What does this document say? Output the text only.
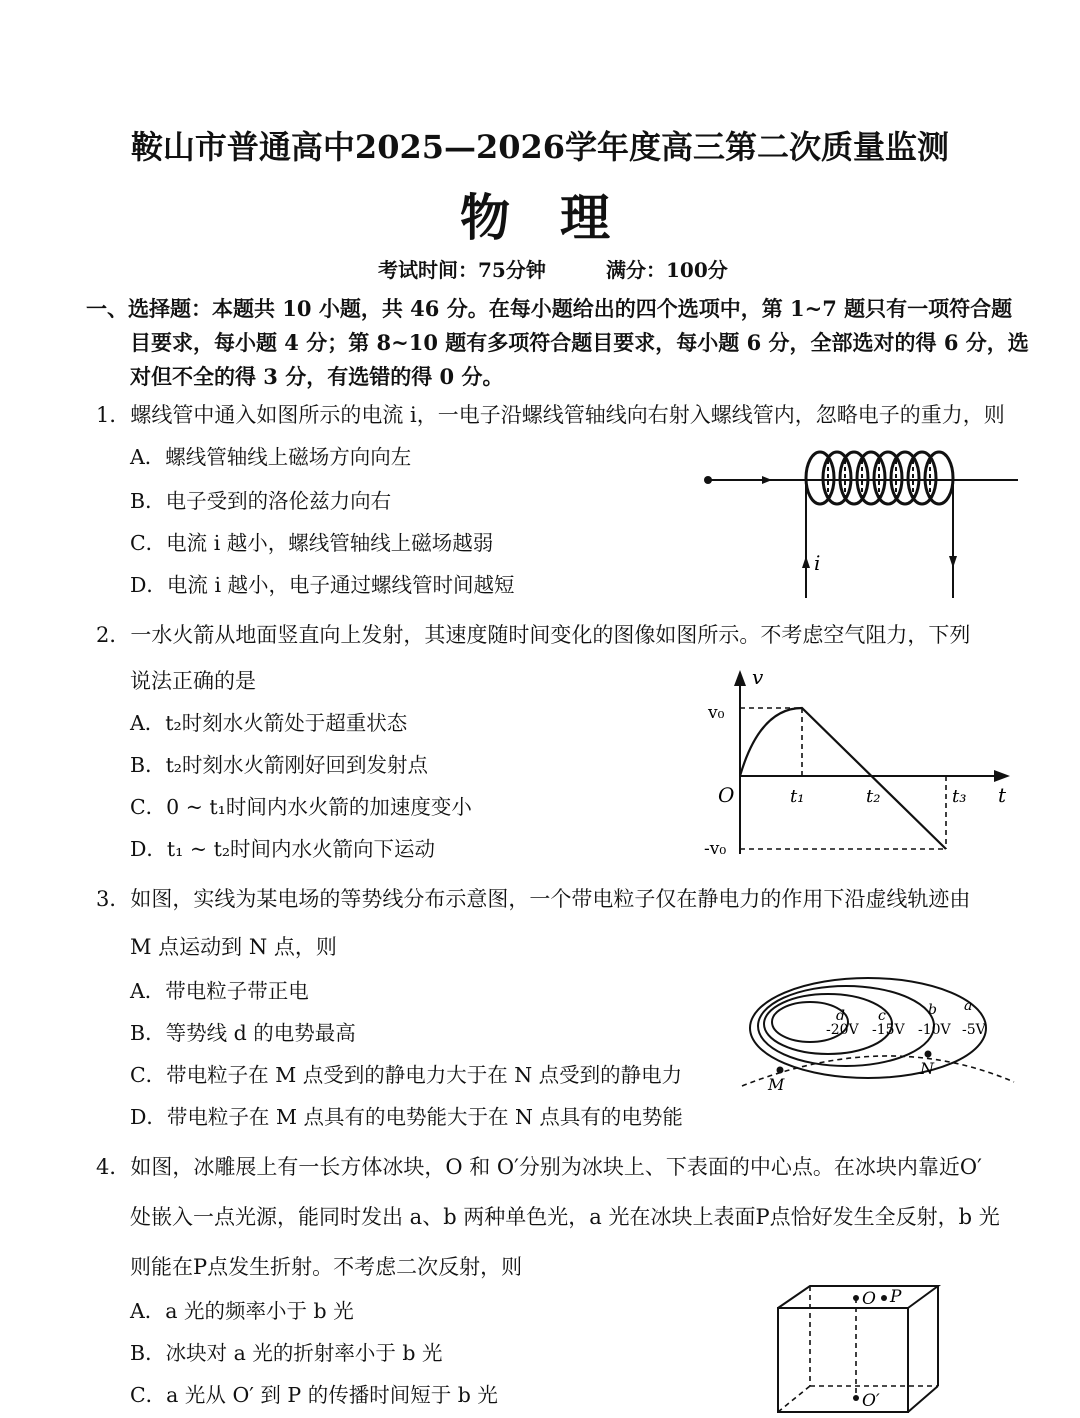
鞍山市普通高中2025—2026学年度高三第二次质量监测
物理
考试时间：75分钟	满分：100分
一、选择题：本题共 10 小题，共 46 分。在每小题给出的四个选项中，第 1~7 题只有一项符合题
目要求，每小题 4 分；第 8~10 题有多项符合题目要求，每小题 6 分，全部选对的得 6 分，选
对但不全的得 3 分，有选错的得 0 分。
1．螺线管中通入如图所示的电流 i，一电子沿螺线管轴线向右射入螺线管内，忽略电子的重力，则
A．螺线管轴线上磁场方向向左
B．电子受到的洛伦兹力向右
C．电流 i 越小，螺线管轴线上磁场越弱
D．电流 i 越小，电子通过螺线管时间越短
i
2．一水火箭从地面竖直向上发射，其速度随时间变化的图像如图所示。不考虑空气阻力，下列
说法正确的是
A．t₂时刻水火箭处于超重状态
B．t₂时刻水火箭刚好回到发射点
C．0 ~ t₁时间内水火箭的加速度变小
D．t₁ ~ t₂时间内水火箭向下运动
v
t
O
v₀
-v₀
t₁	t₂	t₃
3．如图，实线为某电场的等势线分布示意图，一个带电粒子仅在静电力的作用下沿虚线轨迹由
M 点运动到 N 点，则
A．带电粒子带正电
B．等势线 d 的电势最高
C．带电粒子在 M 点受到的静电力大于在 N 点受到的静电力
D．带电粒子在 M 点具有的电势能大于在 N 点具有的电势能
M
N
d
-20V
c
-15V
b
-10V
a
-5V
4．如图，冰雕展上有一长方体冰块，O 和 O′分别为冰块上、下表面的中心点。在冰块内靠近O′
处嵌入一点光源，能同时发出 a、b 两种单色光，a 光在冰块上表面P点恰好发生全反射，b 光
则能在P点发生折射。不考虑二次反射，则
A．a 光的频率小于 b 光
B．冰块对 a 光的折射率小于 b 光
C．a 光从 O′ 到 P 的传播时间短于 b 光
O P
O′
